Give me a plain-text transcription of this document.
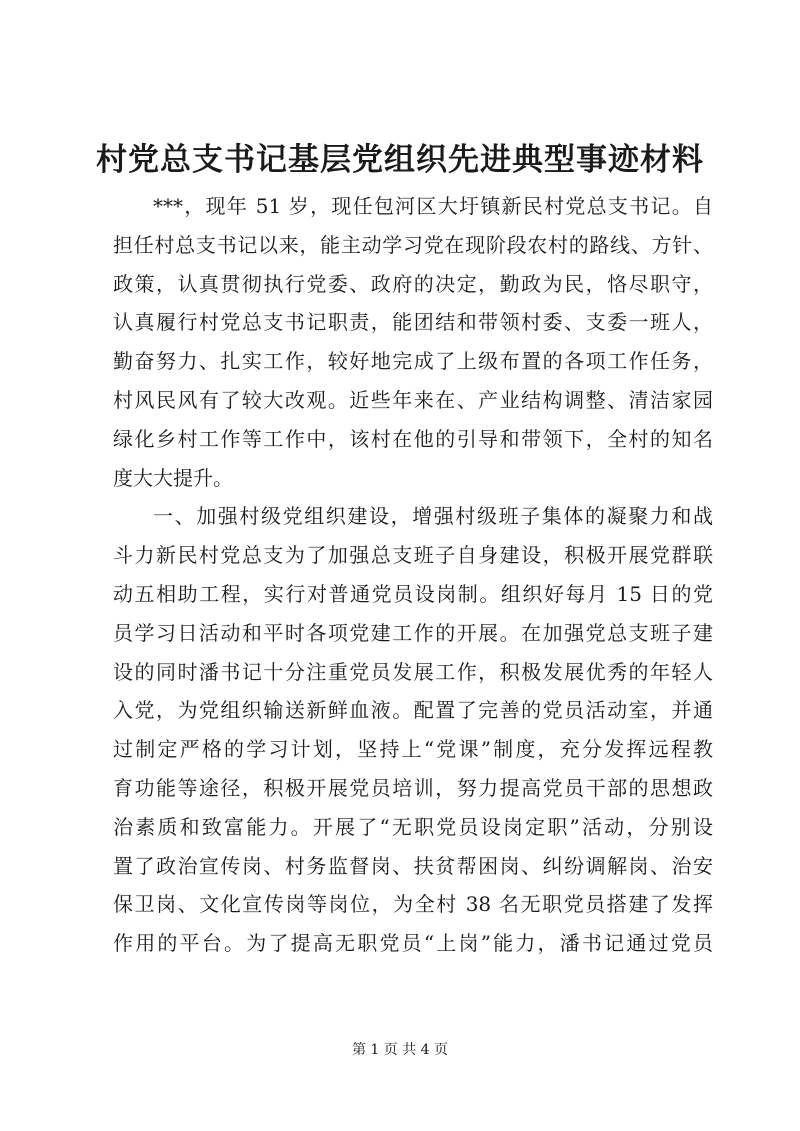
村党总支书记基层党组织先进典型事迹材料
***，现年 51 岁，现任包河区大圩镇新民村党总支书记。自
担任村总支书记以来，能主动学习党在现阶段农村的路线、方针、
政策，认真贯彻执行党委、政府的决定，勤政为民，恪尽职守，
认真履行村党总支书记职责，能团结和带领村委、支委一班人，
勤奋努力、扎实工作，较好地完成了上级布置的各项工作任务，
村风民风有了较大改观。近些年来在、产业结构调整、清洁家园
绿化乡村工作等工作中，该村在他的引导和带领下，全村的知名
度大大提升。
一、加强村级党组织建设，增强村级班子集体的凝聚力和战
斗力新民村党总支为了加强总支班子自身建设，积极开展党群联
动五相助工程，实行对普通党员设岗制。组织好每月 15 日的党
员学习日活动和平时各项党建工作的开展。在加强党总支班子建
设的同时潘书记十分注重党员发展工作，积极发展优秀的年轻人
入党，为党组织输送新鲜血液。配置了完善的党员活动室，并通
过制定严格的学习计划，坚持上“党课”制度，充分发挥远程教
育功能等途径，积极开展党员培训，努力提高党员干部的思想政
治素质和致富能力。开展了“无职党员设岗定职”活动，分别设
置了政治宣传岗、村务监督岗、扶贫帮困岗、纠纷调解岗、治安
保卫岗、文化宣传岗等岗位，为全村 38 名无职党员搭建了发挥
作用的平台。为了提高无职党员“上岗”能力，潘书记通过党员
第 1 页 共 4 页
